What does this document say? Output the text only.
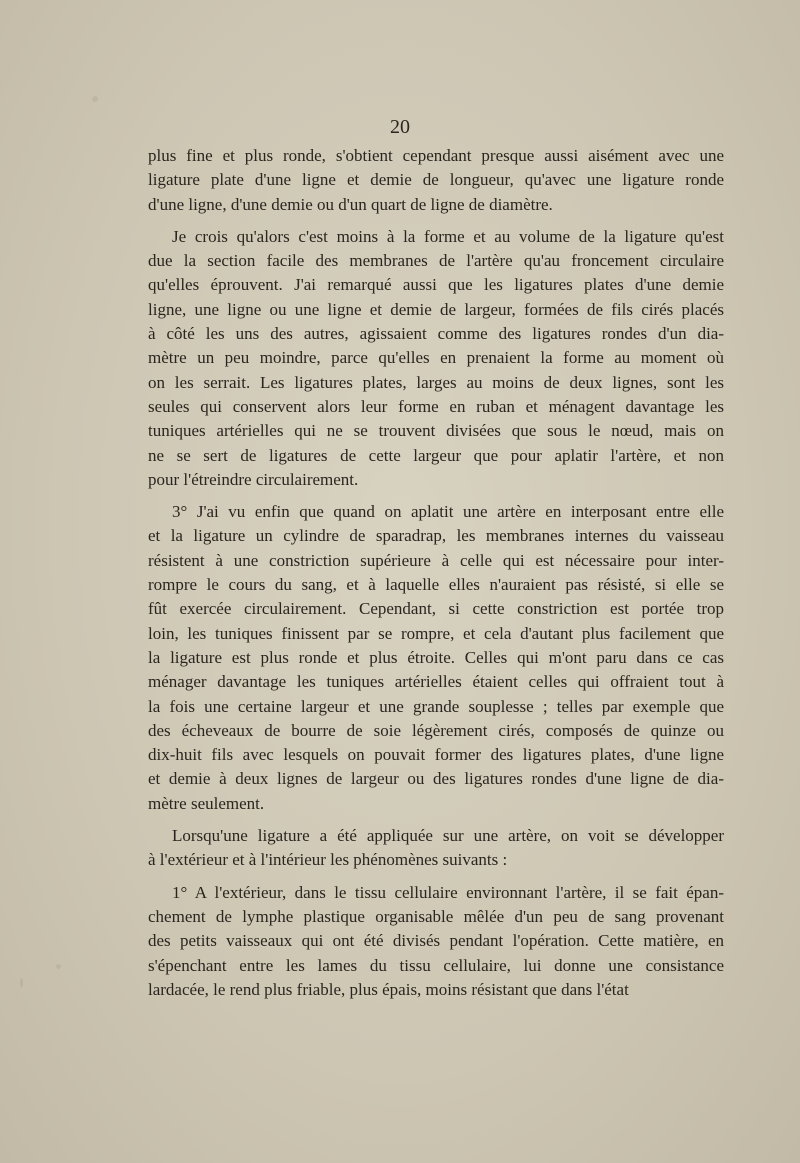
20
plus fine et plus ronde, s'obtient cependant presque aussi aisément avec une
ligature plate d'une ligne et demie de longueur, qu'avec une ligature ronde
d'une ligne, d'une demie ou d'un quart de ligne de diamètre.
Je crois qu'alors c'est moins à la forme et au volume de la ligature qu'est
due la section facile des membranes de l'artère qu'au froncement circulaire
qu'elles éprouvent. J'ai remarqué aussi que les ligatures plates d'une demie
ligne, une ligne ou une ligne et demie de largeur, formées de fils cirés placés
à côté les uns des autres, agissaient comme des ligatures rondes d'un dia-
mètre un peu moindre, parce qu'elles en prenaient la forme au moment où
on les serrait. Les ligatures plates, larges au moins de deux lignes, sont les
seules qui conservent alors leur forme en ruban et ménagent davantage les
tuniques artérielles qui ne se trouvent divisées que sous le nœud, mais on
ne se sert de ligatures de cette largeur que pour aplatir l'artère, et non
pour l'étreindre circulairement.
3° J'ai vu enfin que quand on aplatit une artère en interposant entre elle
et la ligature un cylindre de sparadrap, les membranes internes du vaisseau
résistent à une constriction supérieure à celle qui est nécessaire pour inter-
rompre le cours du sang, et à laquelle elles n'auraient pas résisté, si elle se
fût exercée circulairement. Cependant, si cette constriction est portée trop
loin, les tuniques finissent par se rompre, et cela d'autant plus facilement que
la ligature est plus ronde et plus étroite. Celles qui m'ont paru dans ce cas
ménager davantage les tuniques artérielles étaient celles qui offraient tout à
la fois une certaine largeur et une grande souplesse ; telles par exemple que
des écheveaux de bourre de soie légèrement cirés, composés de quinze ou
dix-huit fils avec lesquels on pouvait former des ligatures plates, d'une ligne
et demie à deux lignes de largeur ou des ligatures rondes d'une ligne de dia-
mètre seulement.
Lorsqu'une ligature a été appliquée sur une artère, on voit se développer
à l'extérieur et à l'intérieur les phénomènes suivants :
1° A l'extérieur, dans le tissu cellulaire environnant l'artère, il se fait épan-
chement de lymphe plastique organisable mêlée d'un peu de sang provenant
des petits vaisseaux qui ont été divisés pendant l'opération. Cette matière, en
s'épenchant entre les lames du tissu cellulaire, lui donne une consistance
lardacée, le rend plus friable, plus épais, moins résistant que dans l'état
